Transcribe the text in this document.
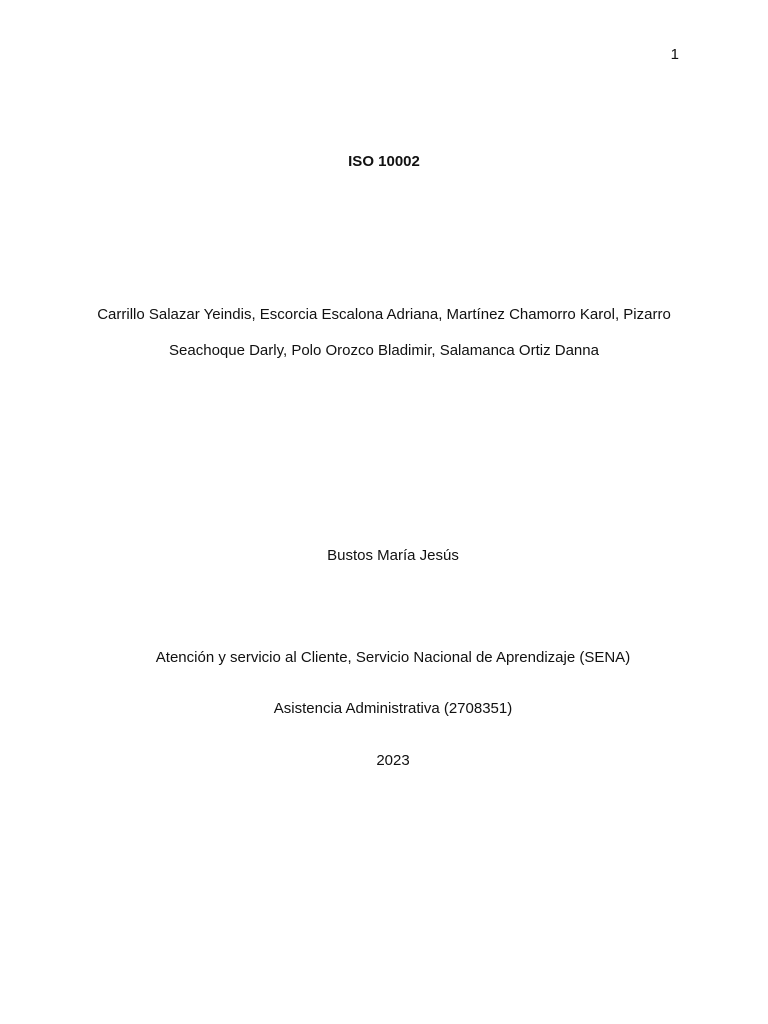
1
ISO 10002
Carrillo Salazar Yeindis, Escorcia Escalona Adriana, Martínez Chamorro Karol, Pizarro
Seachoque Darly, Polo Orozco Bladimir, Salamanca Ortiz Danna
Bustos María Jesús
Atención y servicio al Cliente, Servicio Nacional de Aprendizaje (SENA)
Asistencia Administrativa (2708351)
2023
